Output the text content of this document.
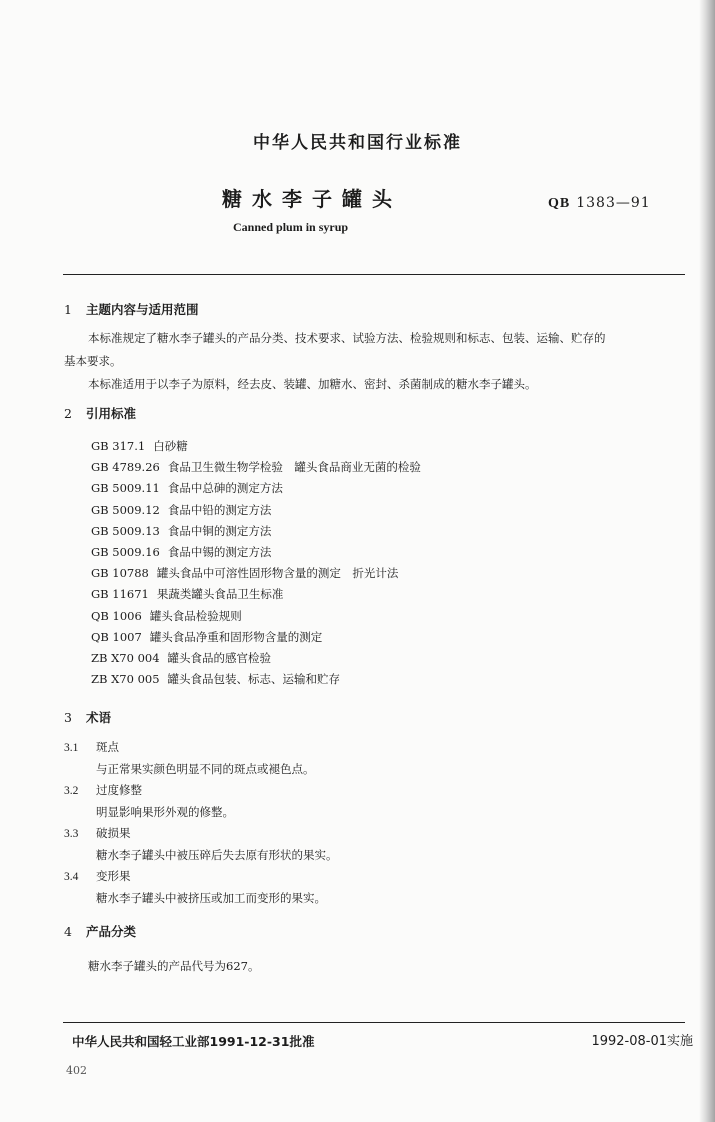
中华人民共和国行业标准
糖水李子罐头	QB 1383—91
Canned plum in syrup
1 主题内容与适用范围
本标准规定了糖水李子罐头的产品分类、技术要求、试验方法、检验规则和标志、包装、运输、贮存的
基本要求。
本标准适用于以李子为原料，经去皮、装罐、加糖水、密封、杀菌制成的糖水李子罐头。
2 引用标准
GB 317.1 白砂糖
GB 4789.26 食品卫生微生物学检验　罐头食品商业无菌的检验
GB 5009.11 食品中总砷的测定方法
GB 5009.12 食品中铅的测定方法
GB 5009.13 食品中铜的测定方法
GB 5009.16 食品中锡的测定方法
GB 10788 罐头食品中可溶性固形物含量的测定　折光计法
GB 11671 果蔬类罐头食品卫生标准
QB 1006 罐头食品检验规则
QB 1007 罐头食品净重和固形物含量的测定
ZB X70 004 罐头食品的感官检验
ZB X70 005 罐头食品包装、标志、运输和贮存
3 术语
3.1 斑点
与正常果实颜色明显不同的斑点或褪色点。
3.2 过度修整
明显影响果形外观的修整。
3.3 破损果
糖水李子罐头中被压碎后失去原有形状的果实。
3.4 变形果
糖水李子罐头中被挤压或加工而变形的果实。
4 产品分类
糖水李子罐头的产品代号为627。
中华人民共和国轻工业部1991-12-31批准	1992-08-01实施
402
